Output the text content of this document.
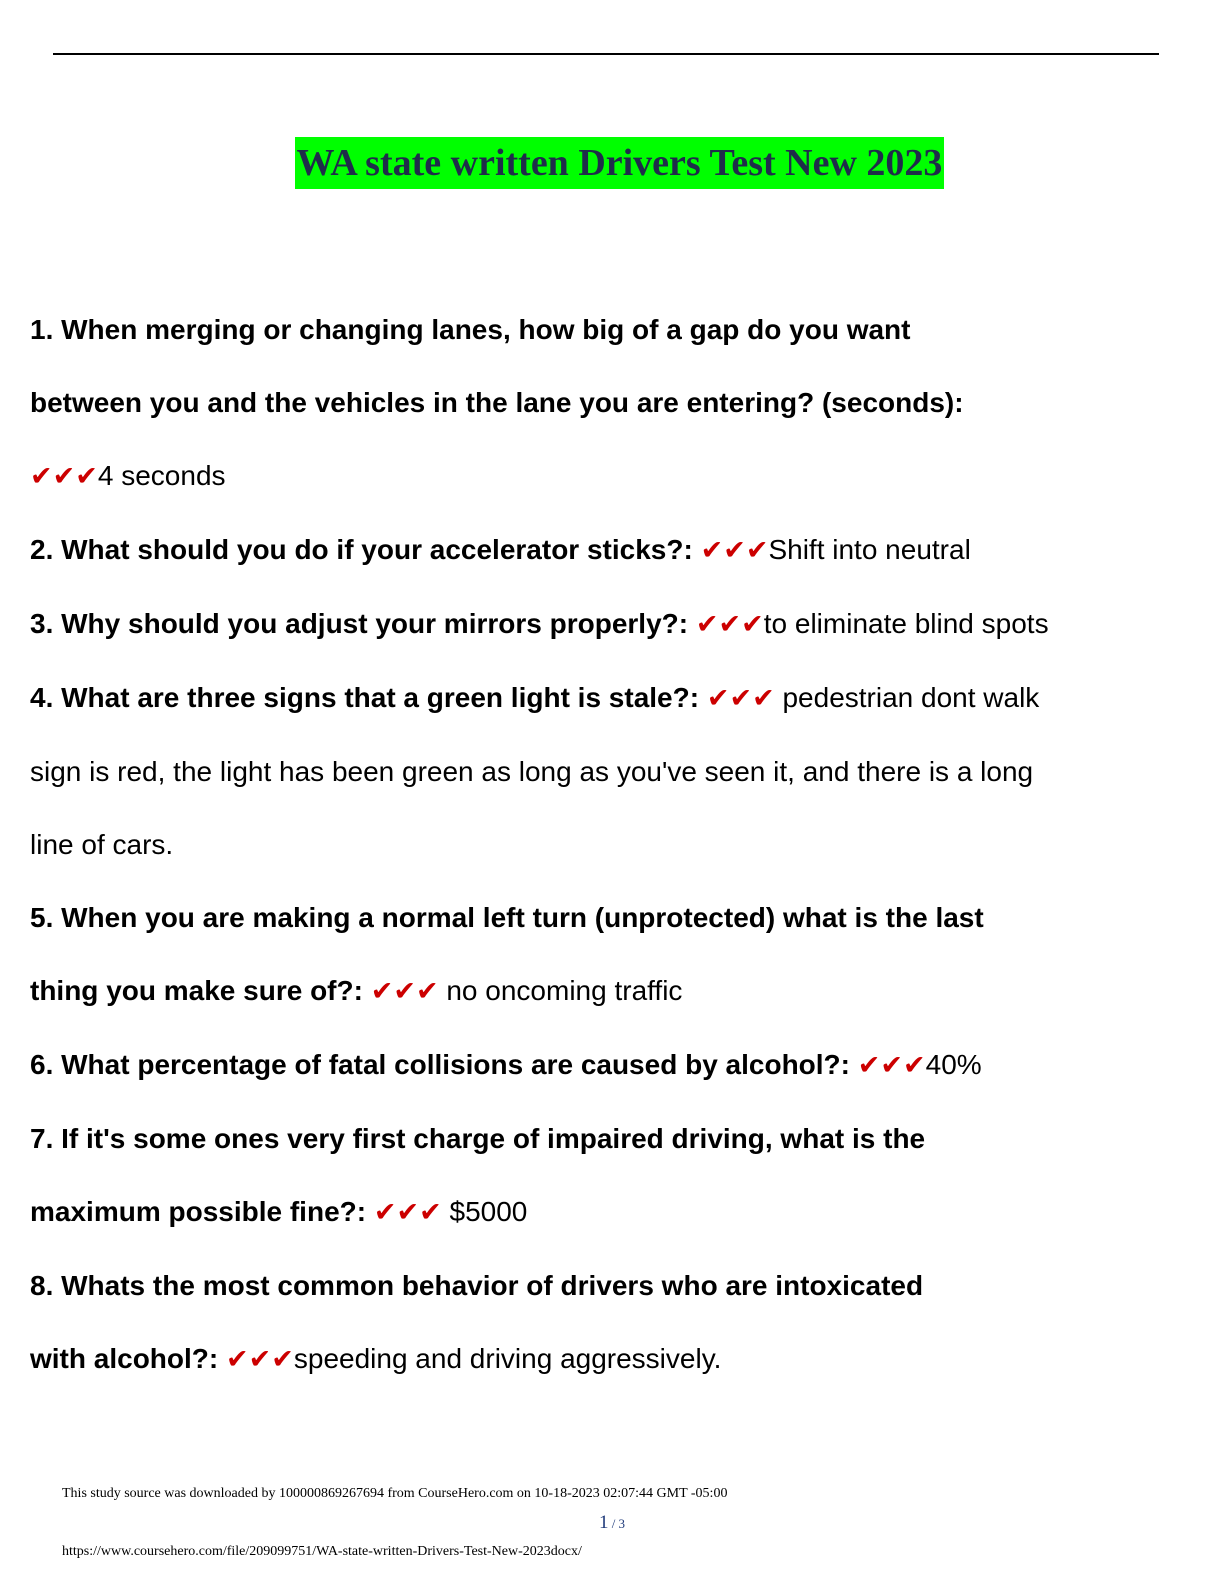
WA state written Drivers Test New 2023

1. When merging or changing lanes, how big of a gap do you want

between you and the vehicles in the lane you are entering? (seconds):

✔✔✔4 seconds

2. What should you do if your accelerator sticks?: ✔✔✔Shift into neutral

3. Why should you adjust your mirrors properly?: ✔✔✔to eliminate blind spots

4. What are three signs that a green light is stale?: ✔✔✔ pedestrian dont walk

sign is red, the light has been green as long as you've seen it, and there is a long

line of cars.

5. When you are making a normal left turn (unprotected) what is the last

thing you make sure of?: ✔✔✔ no oncoming traffic

6. What percentage of fatal collisions are caused by alcohol?: ✔✔✔40%

7. If it's some ones very first charge of impaired driving, what is the

maximum possible fine?: ✔✔✔ $5000

8. Whats the most common behavior of drivers who are intoxicated

with alcohol?: ✔✔✔speeding and driving aggressively.

This study source was downloaded by 100000869267694 from CourseHero.com on 10-18-2023 02:07:44 GMT -05:00
1 / 3
https://www.coursehero.com/file/209099751/WA-state-written-Drivers-Test-New-2023docx/
